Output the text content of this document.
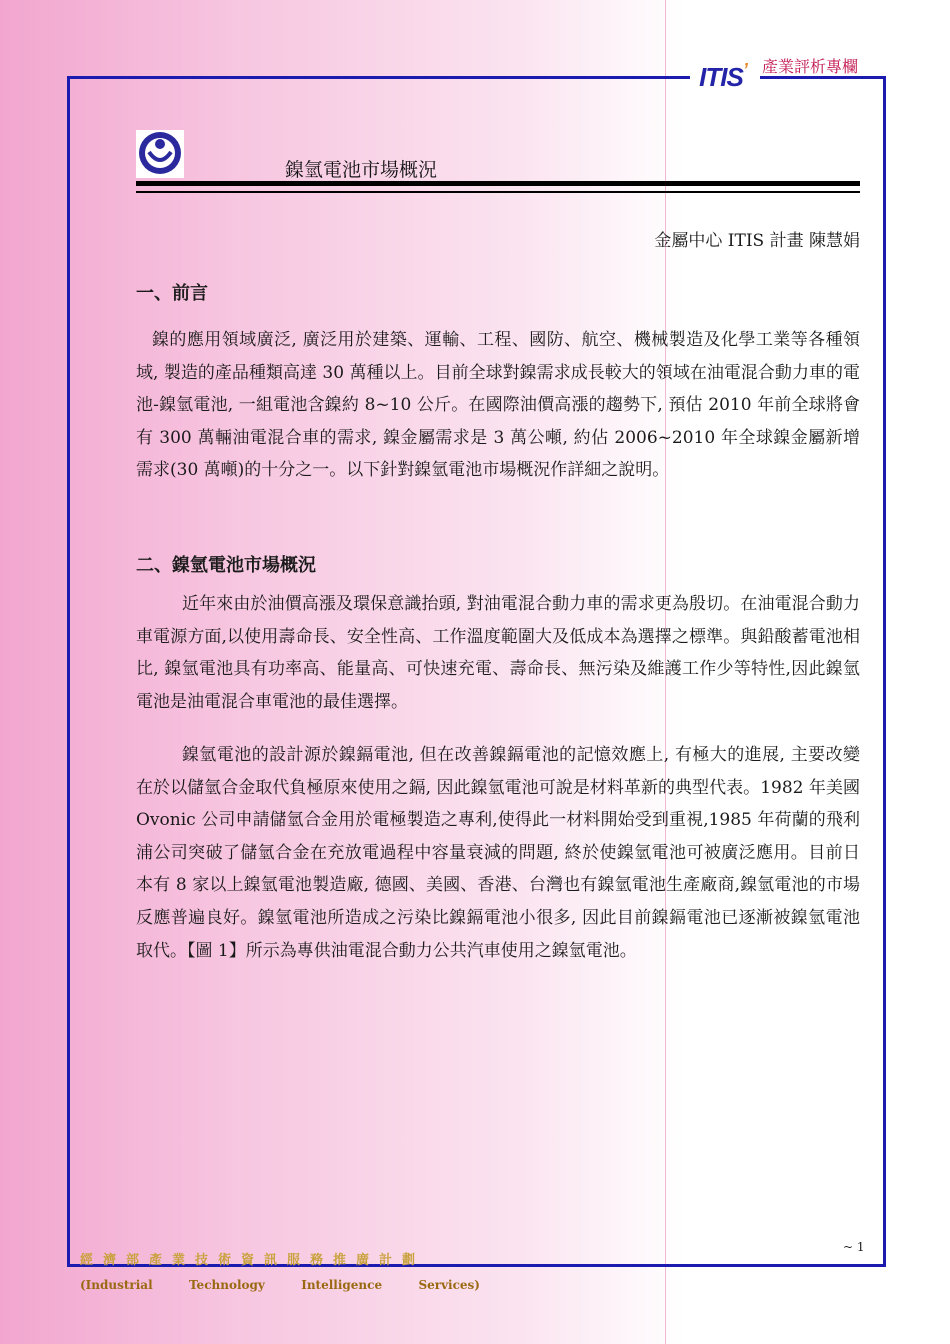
ITIS’ 產業評析專欄
鎳氫電池市場概況
金屬中心 ITIS 計畫 陳慧娟
一、前言

鎳的應用領域廣泛, 廣泛用於建築、運輸、工程、國防、航空、機械製造及化學工業等各種領域, 製造的產品種類高達 30 萬種以上。目前全球對鎳需求成長較大的領域在油電混合動力車的電池-鎳氫電池, 一組電池含鎳約 8~10 公斤。在國際油價高漲的趨勢下, 預估 2010 年前全球將會有 300 萬輛油電混合車的需求, 鎳金屬需求是 3 萬公噸, 約佔 2006~2010 年全球鎳金屬新增需求(30 萬噸)的十分之一。以下針對鎳氫電池市場概況作詳細之說明。

二、鎳氫電池市場概況

近年來由於油價高漲及環保意識抬頭, 對油電混合動力車的需求更為殷切。在油電混合動力車電源方面,以使用壽命長、安全性高、工作溫度範圍大及低成本為選擇之標準。與鉛酸蓄電池相比, 鎳氫電池具有功率高、能量高、可快速充電、壽命長、無污染及維護工作少等特性,因此鎳氫電池是油電混合車電池的最佳選擇。

鎳氫電池的設計源於鎳鎘電池, 但在改善鎳鎘電池的記憶效應上, 有極大的進展, 主要改變在於以儲氫合金取代負極原來使用之鎘, 因此鎳氫電池可說是材料革新的典型代表。1982 年美國 Ovonic 公司申請儲氫合金用於電極製造之專利,使得此一材料開始受到重視,1985 年荷蘭的飛利浦公司突破了儲氫合金在充放電過程中容量衰減的問題, 終於使鎳氫電池可被廣泛應用。目前日本有 8 家以上鎳氫電池製造廠, 德國、美國、香港、台灣也有鎳氫電池生產廠商,鎳氫電池的市場反應普遍良好。鎳氫電池所造成之污染比鎳鎘電池小很多, 因此目前鎳鎘電池已逐漸被鎳氫電池取代。【圖 1】所示為專供油電混合動力公共汽車使用之鎳氫電池。

經濟部產業技術資訊服務推廣計劃
(Industrial	Technology	Intelligence	Services)
~ 1
